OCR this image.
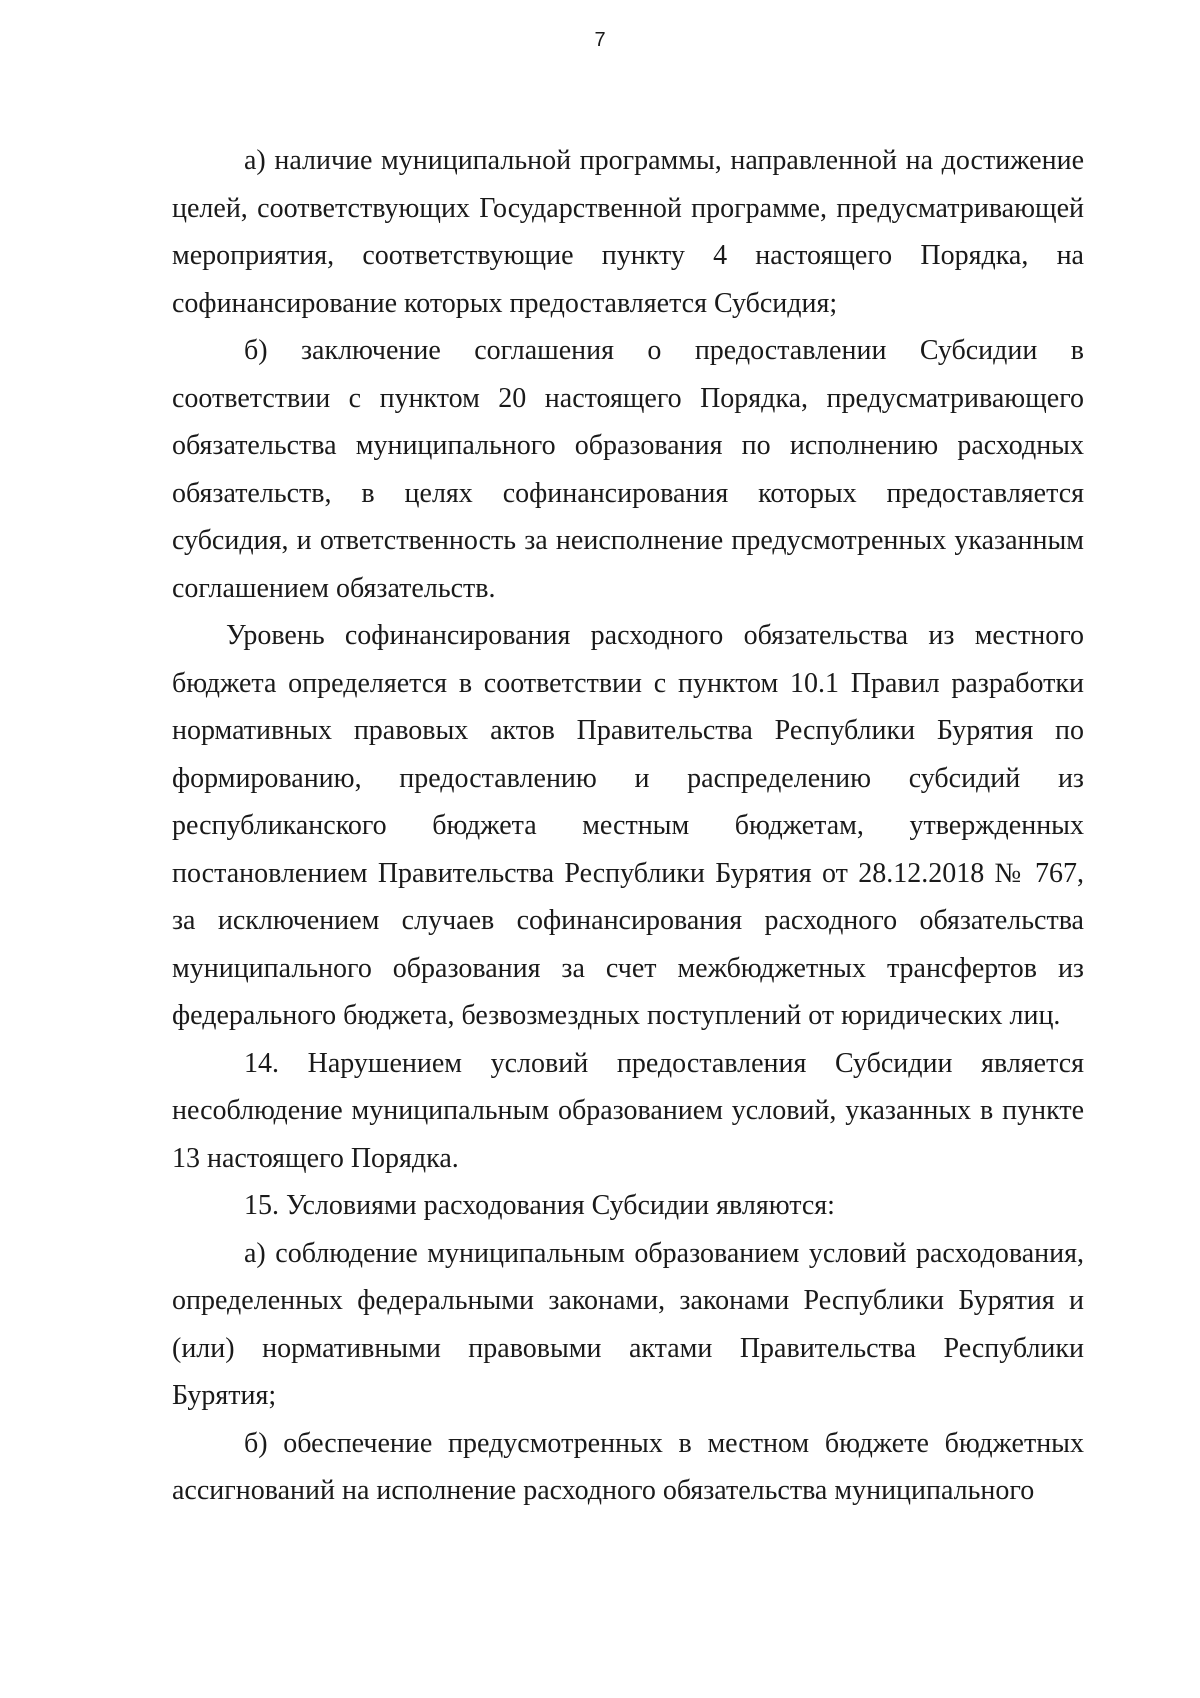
7

а) наличие муниципальной программы, направленной на достижение целей, соответствующих Государственной программе, предусматривающей мероприятия, соответствующие пункту 4 настоящего Порядка, на софинансирование которых предоставляется Субсидия;

б) заключение соглашения о предоставлении Субсидии в соответствии с пунктом 20 настоящего Порядка, предусматривающего обязательства муниципального образования по исполнению расходных обязательств, в целях софинансирования которых предоставляется субсидия, и ответственность за неисполнение предусмотренных указанным соглашением обязательств.

Уровень софинансирования расходного обязательства из местного бюджета определяется в соответствии с пунктом 10.1 Правил разработки нормативных правовых актов Правительства Республики Бурятия по формированию, предоставлению и распределению субсидий из республиканского бюджета местным бюджетам, утвержденных постановлением Правительства Республики Бурятия от 28.12.2018 № 767, за исключением случаев софинансирования расходного обязательства муниципального образования за счет межбюджетных трансфертов из федерального бюджета, безвозмездных поступлений от юридических лиц.

14. Нарушением условий предоставления Субсидии является несоблюдение муниципальным образованием условий, указанных в пункте 13 настоящего Порядка.

15. Условиями расходования Субсидии являются:

а) соблюдение муниципальным образованием условий расходования, определенных федеральными законами, законами Республики Бурятия и (или) нормативными правовыми актами Правительства Республики Бурятия;

б) обеспечение предусмотренных в местном бюджете бюджетных ассигнований на исполнение расходного обязательства муниципального
